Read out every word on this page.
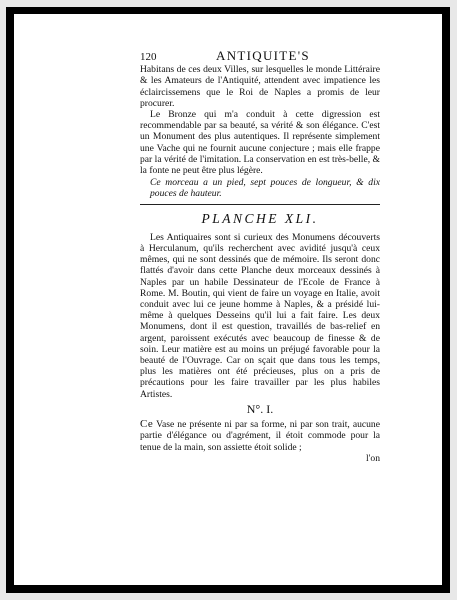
120	ANTIQUITE'S

Habitans de ces deux Villes, sur lesquelles le monde Littéraire & les Amateurs de l'Antiquité, attendent avec impatience les éclaircissemens que le Roi de Naples a promis de leur procurer.

Le Bronze qui m'a conduit à cette digression est recommendable par sa beauté, sa vérité & son élégance. C'est un Monument des plus autentiques. Il représente simplement une Vache qui ne fournit aucune conjecture ; mais elle frappe par la vérité de l'imitation. La conservation en est très-belle, & la fonte ne peut être plus légère.

Ce morceau a un pied, sept pouces de longueur, & dix pouces de hauteur.

PLANCHE XLI.

Les Antiquaires sont si curieux des Monumens découverts à Herculanum, qu'ils recherchent avec avidité jusqu'à ceux mêmes, qui ne sont dessinés que de mémoire. Ils seront donc flattés d'avoir dans cette Planche deux morceaux dessinés à Naples par un habile Dessinateur de l'Ecole de France à Rome. M. Boutin, qui vient de faire un voyage en Italie, avoit conduit avec lui ce jeune homme à Naples, & a présidé lui-même à quelques Desseins qu'il lui a fait faire. Les deux Monumens, dont il est question, travaillés de bas-relief en argent, paroissent exécutés avec beaucoup de finesse & de soin. Leur matière est au moins un préjugé favorable pour la beauté de l'Ouvrage. Car on sçait que dans tous les temps, plus les matières ont été précieuses, plus on a pris de précautions pour les faire travailler par les plus habiles Artistes.

N°. I.

Ce Vase ne présente ni par sa forme, ni par son trait, aucune partie d'élégance ou d'agrément, il étoit commode pour la tenue de la main, son assiette étoit solide ;

l'on
